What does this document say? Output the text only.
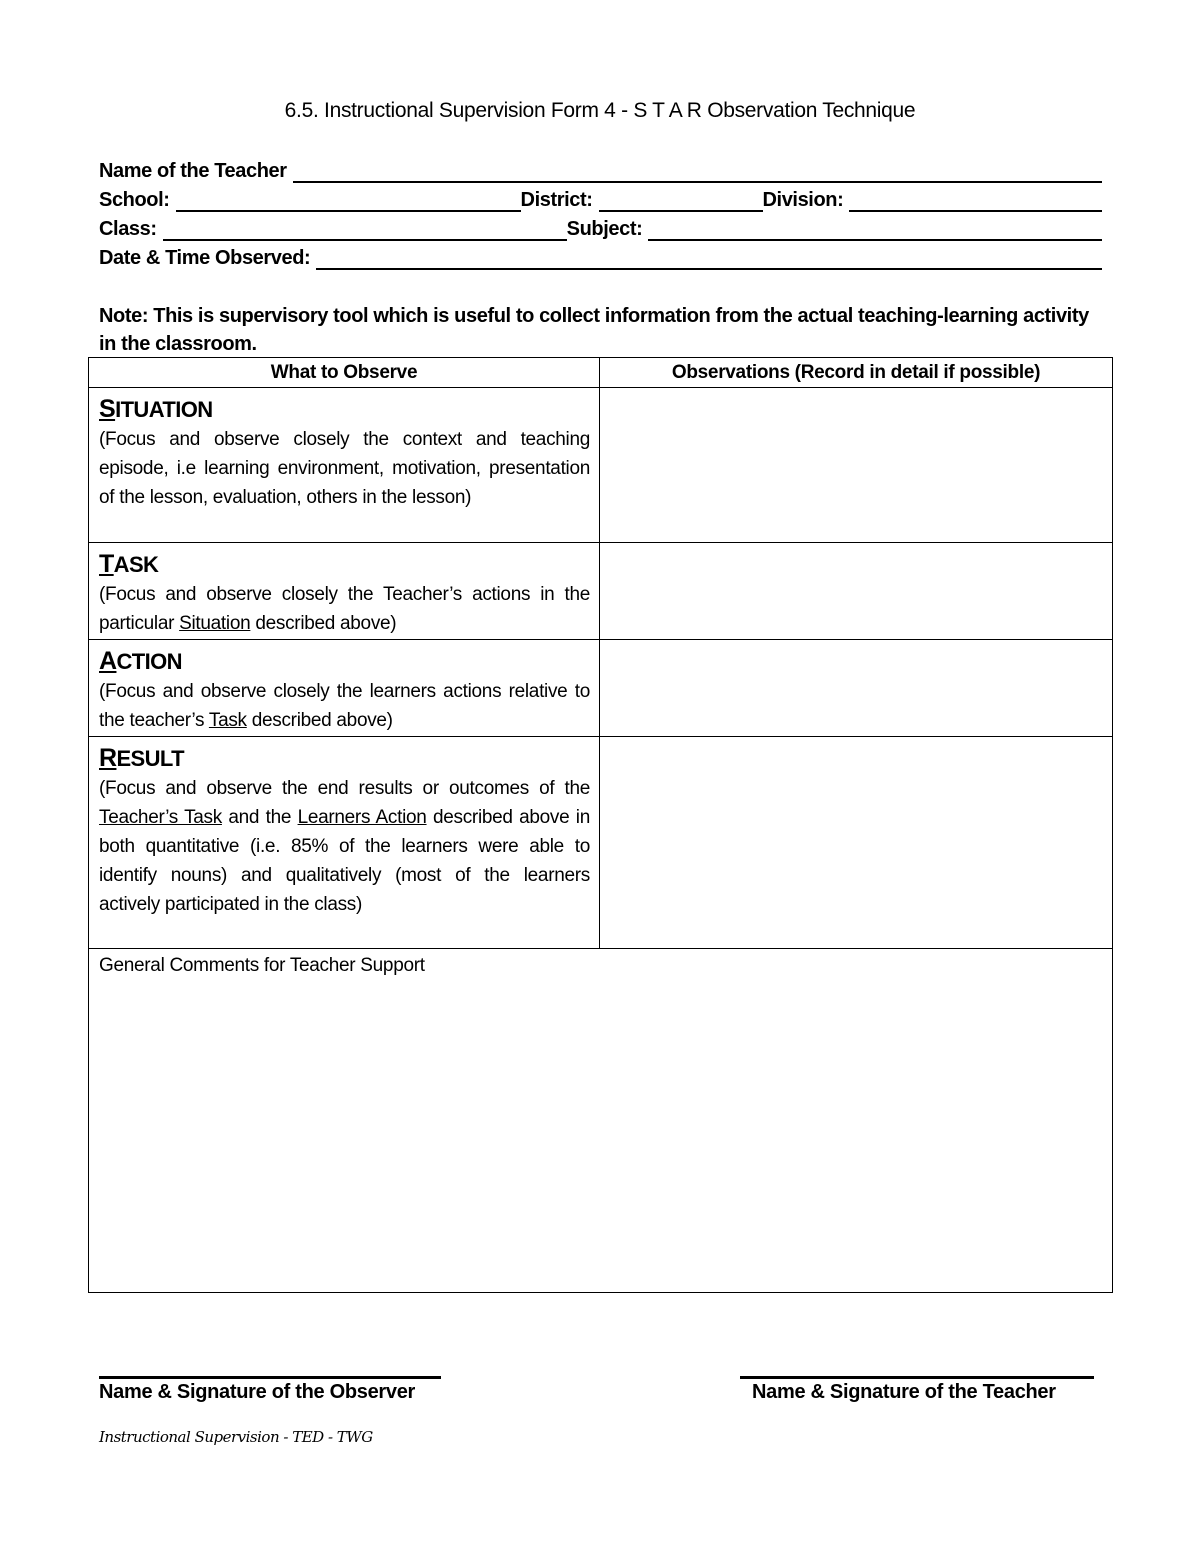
6.5. Instructional Supervision Form 4 - S T A R Observation Technique
Name of the Teacher
School:	District:	Division:
Class:	Subject:
Date & Time Observed:
Note: This is supervisory tool which is useful to collect information from the actual teaching-learning activity in the classroom.
What to Observe	Observations (Record in detail if possible)

SITUATION
(Focus and observe closely the context and teaching episode, i.e learning environment, motivation, presentation of the lesson, evaluation, others in the lesson)	

TASK
(Focus and observe closely the Teacher’s actions in the particular Situation described above)	

ACTION
(Focus and observe closely the learners actions relative to the teacher’s Task described above)	

RESULT
(Focus and observe the end results or outcomes of the Teacher’s Task and the Learners Action described above in both quantitative (i.e. 85% of the learners were able to identify nouns) and qualitatively (most of the learners actively participated in the class)	

General Comments for Teacher Support	
Name & Signature of the Observer	Name & Signature of the Teacher
Instructional Supervision - TED - TWG
